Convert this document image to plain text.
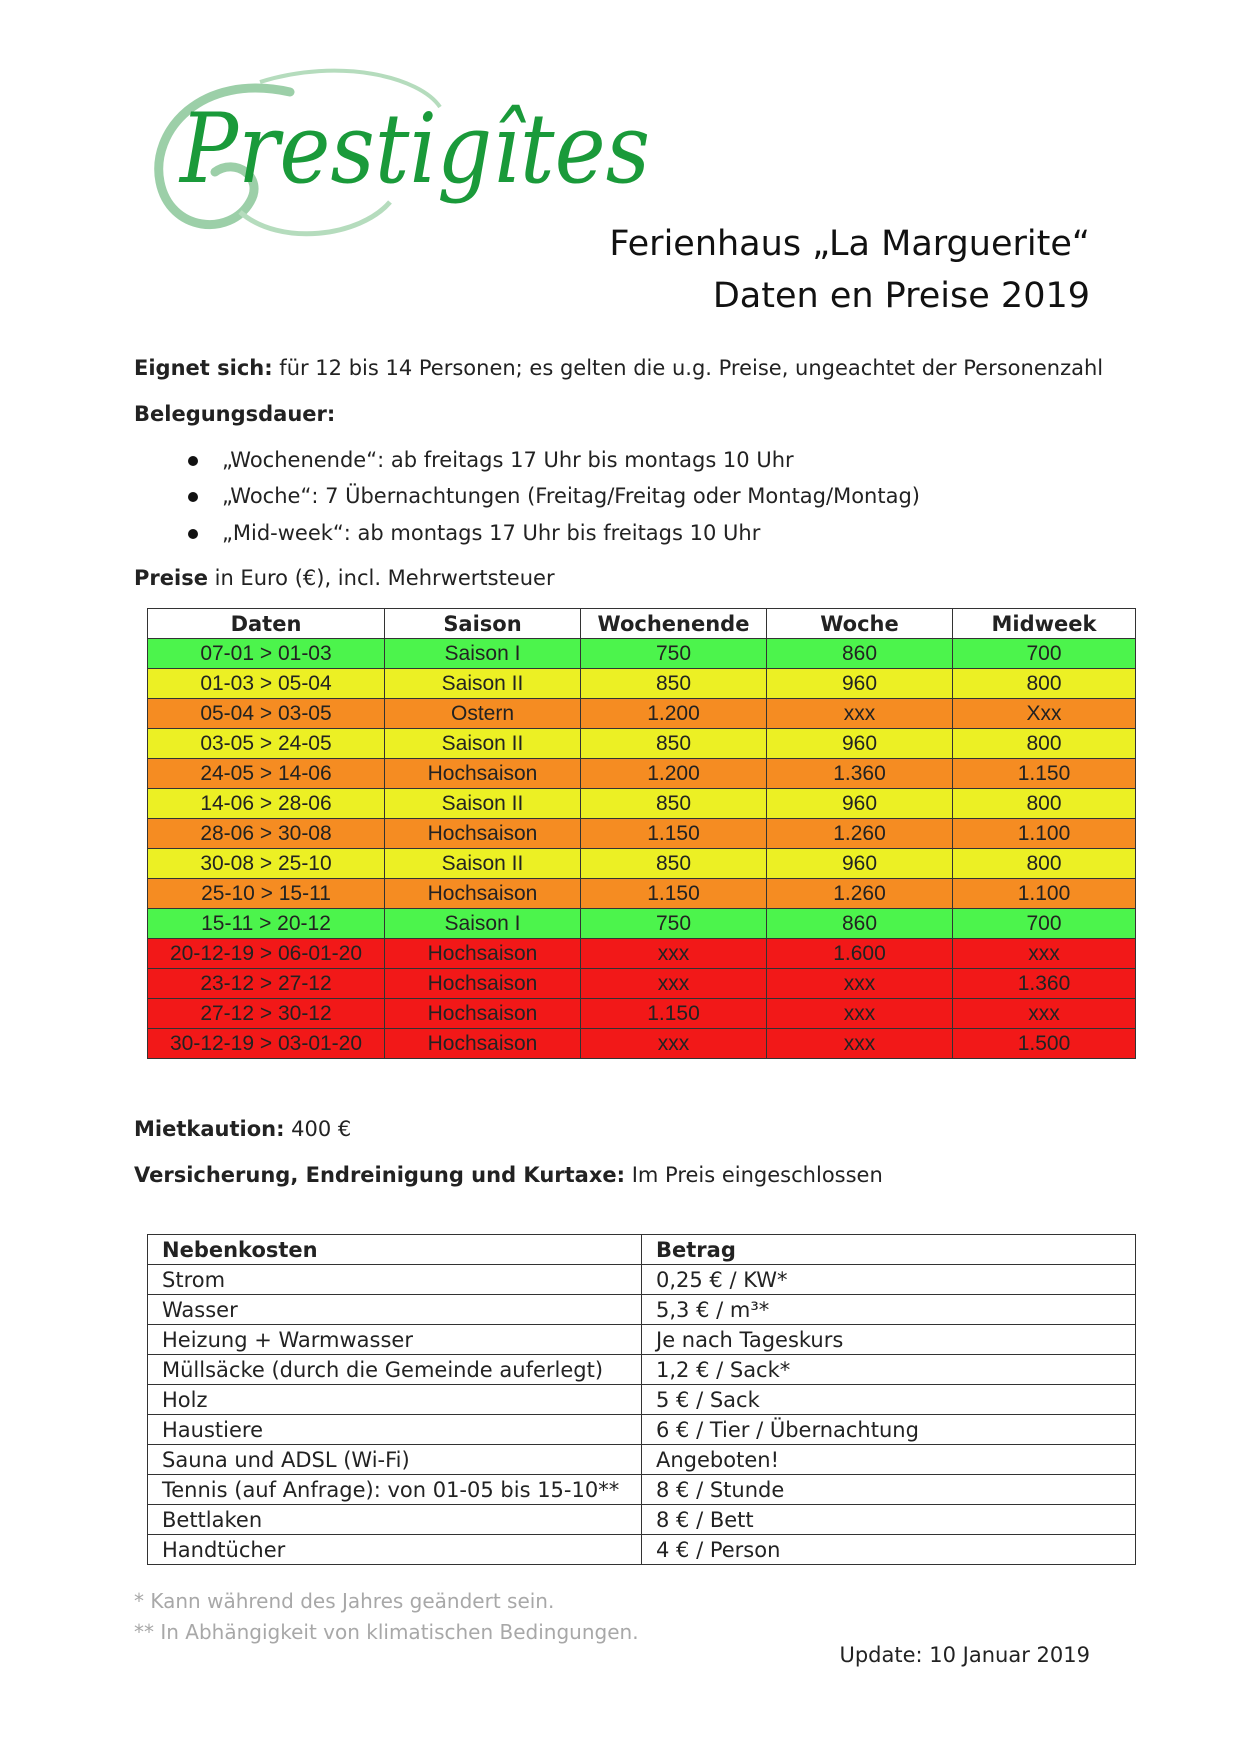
Prestigîtes
Ferienhaus „La Marguerite“
Daten en Preise 2019
Eignet sich: für 12 bis 14 Personen; es gelten die u.g. Preise, ungeachtet der Personenzahl
Belegungsdauer:
„Wochenende“: ab freitags 17 Uhr bis montags 10 Uhr
„Woche“: 7 Übernachtungen (Freitag/Freitag oder Montag/Montag)
„Mid-week“: ab montags 17 Uhr bis freitags 10 Uhr
Preise in Euro (€), incl. Mehrwertsteuer
Daten	Saison	Wochenende	Woche	Midweek
07-01 > 01-03	Saison I	750	860	700
01-03 > 05-04	Saison II	850	960	800
05-04 > 03-05	Ostern	1.200	xxx	Xxx
03-05 > 24-05	Saison II	850	960	800
24-05 > 14-06	Hochsaison	1.200	1.360	1.150
14-06 > 28-06	Saison II	850	960	800
28-06 > 30-08	Hochsaison	1.150	1.260	1.100
30-08 > 25-10	Saison II	850	960	800
25-10 > 15-11	Hochsaison	1.150	1.260	1.100
15-11 > 20-12	Saison I	750	860	700
20-12-19 > 06-01-20	Hochsaison	xxx	1.600	xxx
23-12 > 27-12	Hochsaison	xxx	xxx	1.360
27-12 > 30-12	Hochsaison	1.150	xxx	xxx
30-12-19 > 03-01-20	Hochsaison	xxx	xxx	1.500
Mietkaution: 400 €
Versicherung, Endreinigung und Kurtaxe: Im Preis eingeschlossen
Nebenkosten	Betrag
Strom	0,25 € / KW*
Wasser	5,3 € / m³*
Heizung + Warmwasser	Je nach Tageskurs
Müllsäcke (durch die Gemeinde auferlegt)	1,2 € / Sack*
Holz	5 € / Sack
Haustiere	6 € / Tier / Übernachtung
Sauna und ADSL (Wi-Fi)	Angeboten!
Tennis (auf Anfrage): von 01-05 bis 15-10**	8 € / Stunde
Bettlaken	8 € / Bett
Handtücher	4 € / Person
* Kann während des Jahres geändert sein.
** In Abhängigkeit von klimatischen Bedingungen.
Update: 10 Januar 2019
